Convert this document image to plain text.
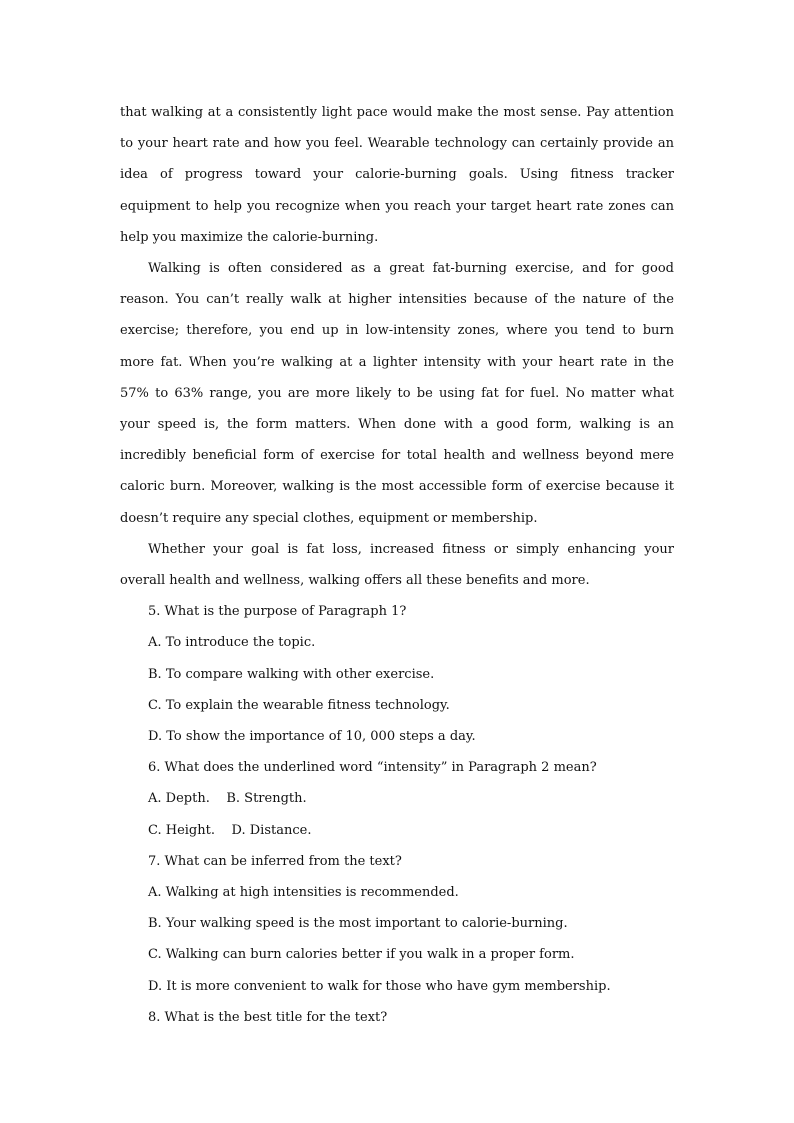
that walking at a consistently light pace would make the most sense. Pay attention to your heart rate and how you feel. Wearable technology can certainly provide an idea of progress toward your calorie-burning goals. Using fitness tracker equipment to help you recognize when you reach your target heart rate zones can help you maximize the calorie-burning.

Walking is often considered as a great fat-burning exercise, and for good reason. You can’t really walk at higher intensities because of the nature of the exercise; therefore, you end up in low-intensity zones, where you tend to burn more fat. When you’re walking at a lighter intensity with your heart rate in the 57% to 63% range, you are more likely to be using fat for fuel. No matter what your speed is, the form matters. When done with a good form, walking is an incredibly beneficial form of exercise for total health and wellness beyond mere caloric burn. Moreover, walking is the most accessible form of exercise because it doesn’t require any special clothes, equipment or membership.

Whether your goal is fat loss, increased fitness or simply enhancing your overall health and wellness, walking offers all these benefits and more.

5. What is the purpose of Paragraph 1?

A. To introduce the topic.

B. To compare walking with other exercise.

C. To explain the wearable fitness technology.

D. To show the importance of 10, 000 steps a day.

6. What does the underlined word “intensity” in Paragraph 2 mean?

A. Depth.    B. Strength.

C. Height.    D. Distance.

7. What can be inferred from the text?

A. Walking at high intensities is recommended.

B. Your walking speed is the most important to calorie-burning.

C. Walking can burn calories better if you walk in a proper form.

D. It is more convenient to walk for those who have gym membership.

8. What is the best title for the text?
